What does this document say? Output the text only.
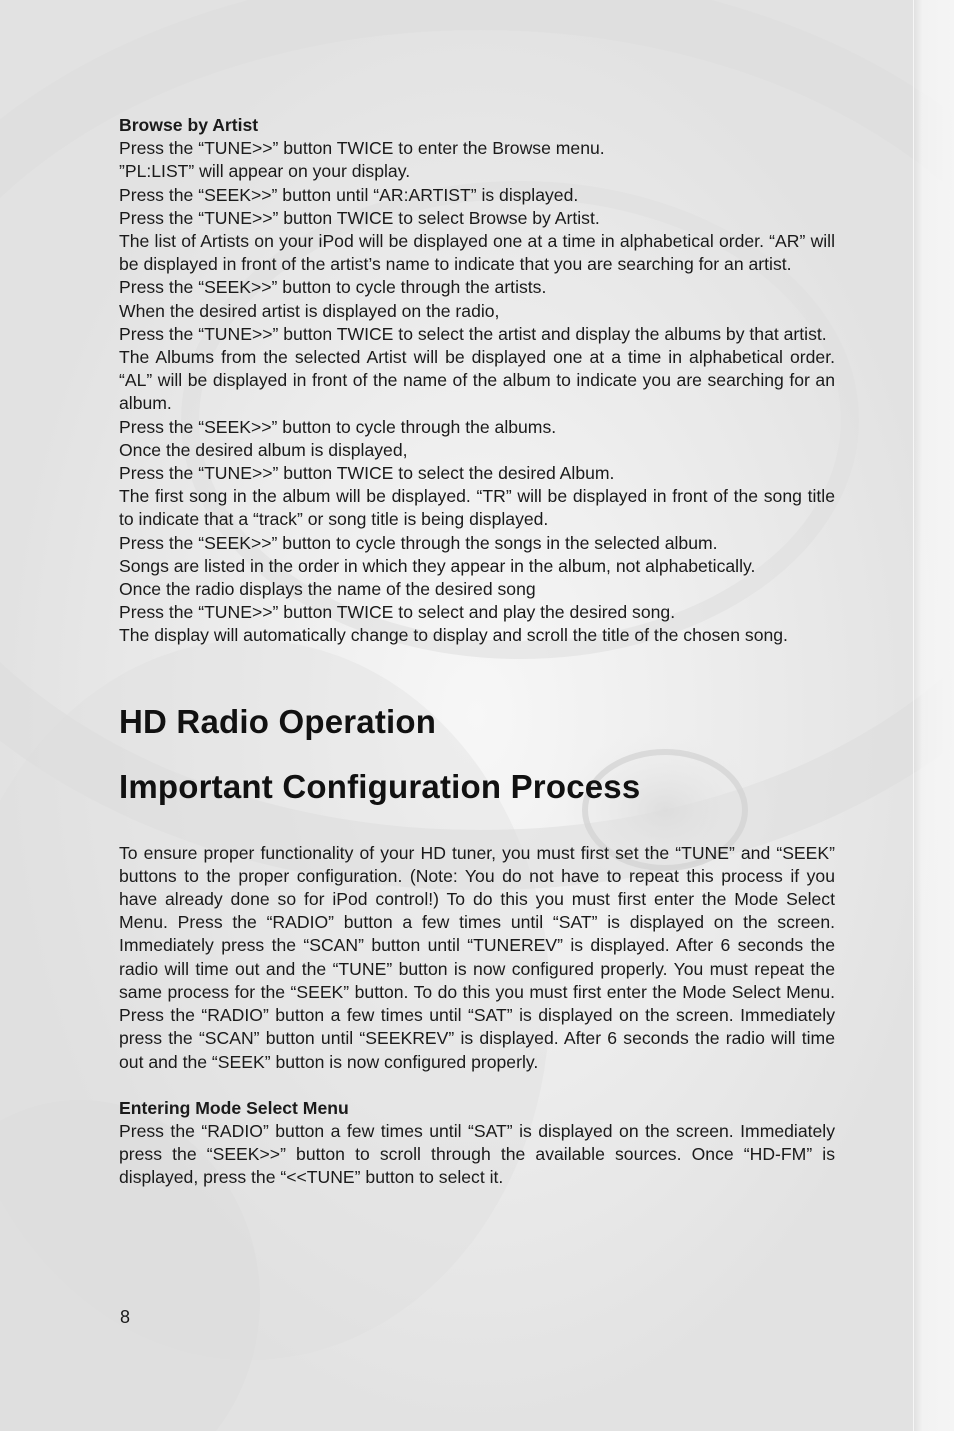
Browse by Artist

Press the “TUNE>>” button TWICE to enter the Browse menu.

”PL:LIST” will appear on your display.

Press the “SEEK>>” button until “AR:ARTIST” is displayed.

Press the “TUNE>>” button TWICE to select Browse by Artist.

The list of Artists on your iPod will be displayed one at a time in alphabetical order. “AR” will be displayed in front of the artist’s name to indicate that you are searching for an artist.

Press the “SEEK>>” button to cycle through the artists.

When the desired artist is displayed on the radio,

Press the “TUNE>>” button TWICE to select the artist and display the albums by that artist.

The Albums from the selected Artist will be displayed one at a time in alphabetical order. “AL” will be displayed in front of the name of the album to indicate you are searching for an album.

Press the “SEEK>>” button to cycle through the albums.

Once the desired album is displayed,

Press the “TUNE>>” button TWICE to select the desired Album.

The first song in the album will be displayed. “TR” will be displayed in front of the song title to indicate that a “track” or song title is being displayed.

Press the “SEEK>>” button to cycle through the songs in the selected album.

Songs are listed in the order in which they appear in the album, not alphabetically.

Once the radio displays the name of the desired song

Press the “TUNE>>” button TWICE to select and play the desired song.

The display will automatically change to display and scroll the title of the chosen song.

HD Radio Operation
Important Configuration Process

To ensure proper functionality of your HD tuner, you must first set the “TUNE” and “SEEK” buttons to the proper configuration. (Note: You do not have to repeat this process if you have already done so for iPod control!) To do this you must first enter the Mode Select Menu. Press the “RADIO” button a few times until “SAT” is displayed on the screen. Immediately press the “SCAN” button until “TUNEREV” is displayed. After 6 seconds the radio will time out and the “TUNE” button is now configured properly. You must repeat the same process for the “SEEK” button. To do this you must first enter the Mode Select Menu. Press the “RADIO” button a few times until “SAT” is displayed on the screen. Immediately press the “SCAN” button until “SEEKREV” is displayed. After 6 seconds the radio will time out and the “SEEK” button is now configured properly.

Entering Mode Select Menu

Press the “RADIO” button a few times until “SAT” is displayed on the screen. Immediately press the “SEEK>>” button to scroll through the available sources. Once “HD-FM” is displayed, press the “<<TUNE” button to select it.

8
